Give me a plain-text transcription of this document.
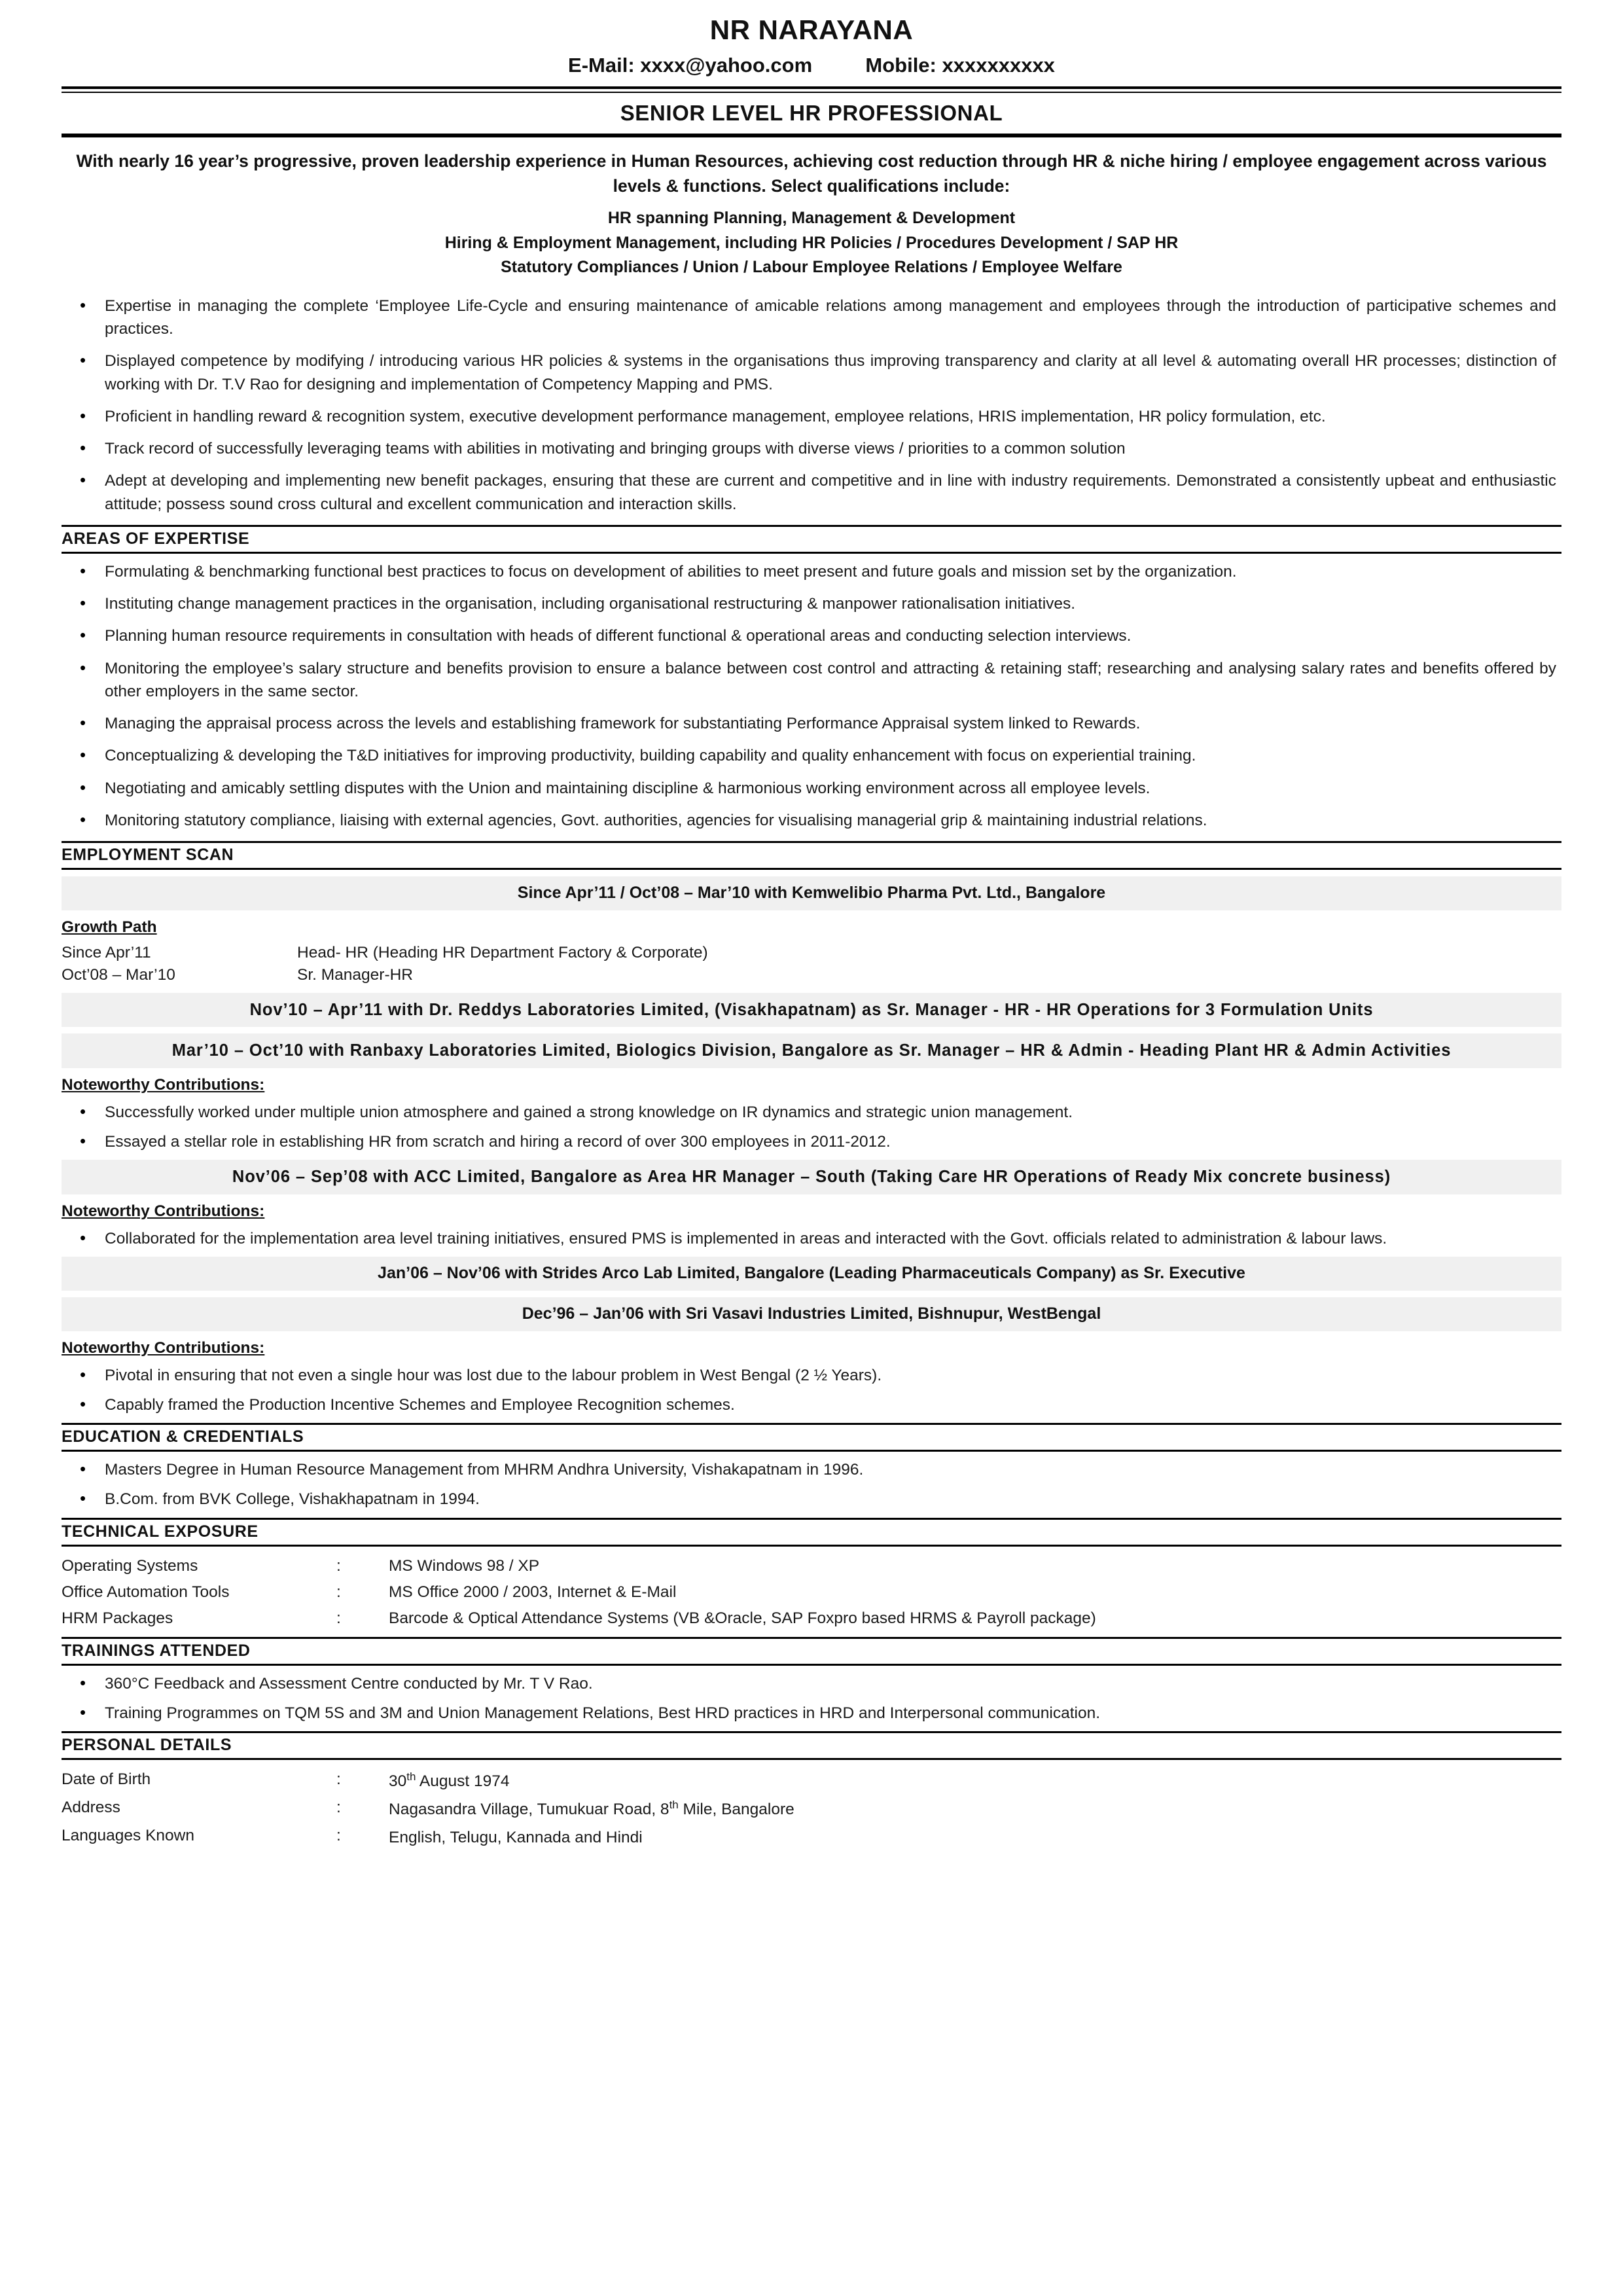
NR NARAYANA
E-Mail: xxxx@yahoo.com	Mobile: xxxxxxxxxx
SENIOR LEVEL HR PROFESSIONAL
With nearly 16 year’s progressive, proven leadership experience in Human Resources, achieving cost reduction through HR & niche hiring / employee engagement across various levels & functions. Select qualifications include:
HR spanning Planning, Management & Development
Hiring & Employment Management, including HR Policies / Procedures Development / SAP HR
Statutory Compliances / Union / Labour Employee Relations / Employee Welfare
• Expertise in managing the complete ‘Employee Life-Cycle and ensuring maintenance of amicable relations among management and employees through the introduction of participative schemes and practices.
• Displayed competence by modifying / introducing various HR policies & systems in the organisations thus improving transparency and clarity at all level & automating overall HR processes; distinction of working with Dr. T.V Rao for designing and implementation of Competency Mapping and PMS.
• Proficient in handling reward & recognition system, executive development performance management, employee relations, HRIS implementation, HR policy formulation, etc.
• Track record of successfully leveraging teams with abilities in motivating and bringing groups with diverse views / priorities to a common solution
• Adept at developing and implementing new benefit packages, ensuring that these are current and competitive and in line with industry requirements. Demonstrated a consistently upbeat and enthusiastic attitude; possess sound cross cultural and excellent communication and interaction skills.
AREAS OF EXPERTISE
• Formulating & benchmarking functional best practices to focus on development of abilities to meet present and future goals and mission set by the organization.
• Instituting change management practices in the organisation, including organisational restructuring & manpower rationalisation initiatives.
• Planning human resource requirements in consultation with heads of different functional & operational areas and conducting selection interviews.
• Monitoring the employee’s salary structure and benefits provision to ensure a balance between cost control and attracting & retaining staff; researching and analysing salary rates and benefits offered by other employers in the same sector.
• Managing the appraisal process across the levels and establishing framework for substantiating Performance Appraisal system linked to Rewards.
• Conceptualizing & developing the T&D initiatives for improving productivity, building capability and quality enhancement with focus on experiential training.
• Negotiating and amicably settling disputes with the Union and maintaining discipline & harmonious working environment across all employee levels.
• Monitoring statutory compliance, liaising with external agencies, Govt. authorities, agencies for visualising managerial grip & maintaining industrial relations.
EMPLOYMENT SCAN
Since Apr’11 / Oct’08 – Mar’10 with Kemwelibio Pharma Pvt. Ltd., Bangalore
Growth Path
Since Apr’11	Head- HR (Heading HR Department Factory & Corporate)
Oct’08 – Mar’10	Sr. Manager-HR
Nov’10 – Apr’11 with Dr. Reddys Laboratories Limited, (Visakhapatnam) as Sr. Manager - HR - HR Operations for 3 Formulation Units
Mar’10 – Oct’10 with Ranbaxy Laboratories Limited, Biologics Division, Bangalore as Sr. Manager – HR & Admin - Heading Plant HR & Admin Activities
Noteworthy Contributions:
• Successfully worked under multiple union atmosphere and gained a strong knowledge on IR dynamics and strategic union management.
• Essayed a stellar role in establishing HR from scratch and hiring a record of over 300 employees in 2011-2012.
Nov’06 – Sep’08 with ACC Limited, Bangalore as Area HR Manager – South (Taking Care HR Operations of Ready Mix concrete business)
Noteworthy Contributions:
• Collaborated for the implementation area level training initiatives, ensured PMS is implemented in areas and interacted with the Govt. officials related to administration & labour laws.
Jan’06 – Nov’06 with Strides Arco Lab Limited, Bangalore (Leading Pharmaceuticals Company) as Sr. Executive
Dec’96 – Jan’06 with Sri Vasavi Industries Limited, Bishnupur, WestBengal
Noteworthy Contributions:
• Pivotal in ensuring that not even a single hour was lost due to the labour problem in West Bengal (2 ½ Years).
• Capably framed the Production Incentive Schemes and Employee Recognition schemes.
EDUCATION & CREDENTIALS
• Masters Degree in Human Resource Management from MHRM Andhra University, Vishakapatnam in 1996.
• B.Com. from BVK College, Vishakhapatnam in 1994.
TECHNICAL EXPOSURE
Operating Systems	:	MS Windows 98 / XP
Office Automation Tools	:	MS Office 2000 / 2003, Internet & E-Mail
HRM Packages	:	Barcode & Optical Attendance Systems (VB &Oracle, SAP Foxpro based HRMS & Payroll package)
TRAININGS ATTENDED
• 360°C Feedback and Assessment Centre conducted by Mr. T V Rao.
• Training Programmes on TQM 5S and 3M and Union Management Relations, Best HRD practices in HRD and Interpersonal communication.
PERSONAL DETAILS
Date of Birth	:	30th August 1974
Address	:	Nagasandra Village, Tumukuar Road, 8th Mile, Bangalore
Languages Known	:	English, Telugu, Kannada and Hindi
